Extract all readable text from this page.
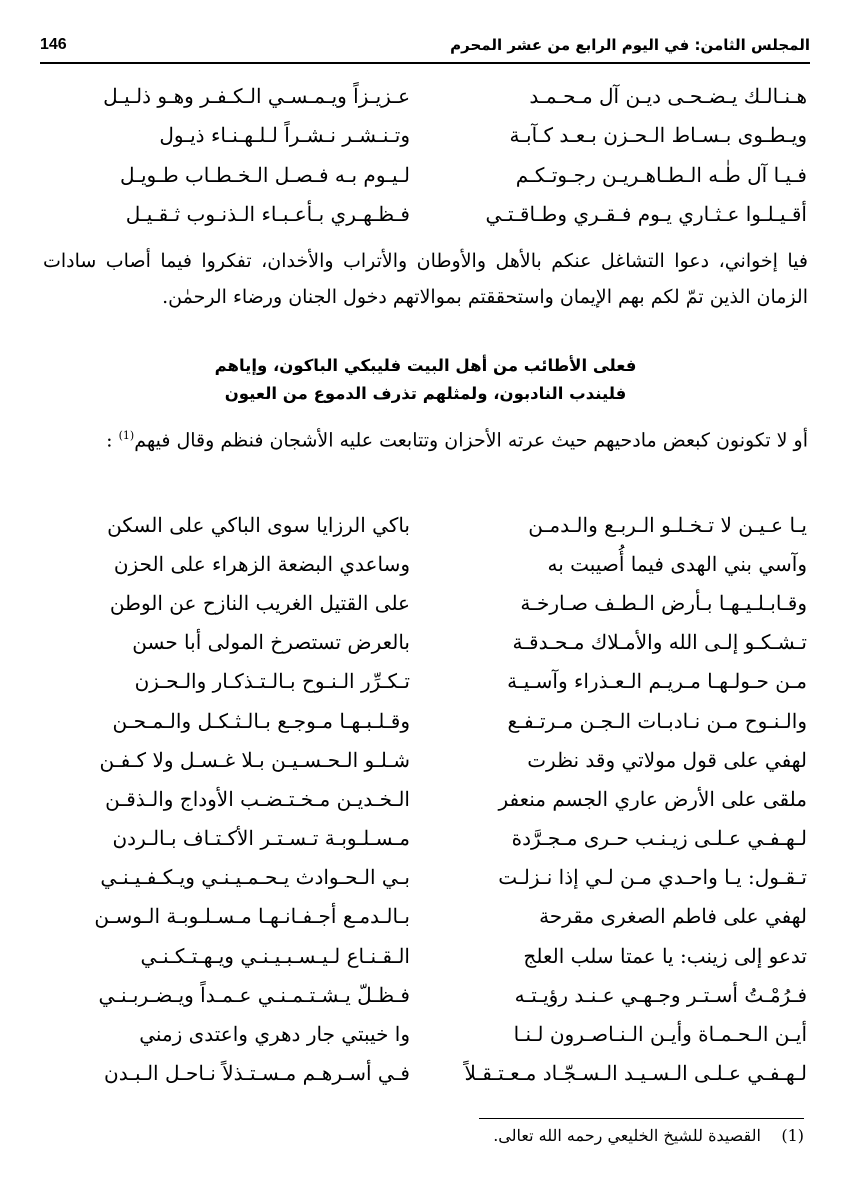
المجلس الثامن: في اليوم الرابع من عشر المحرم
146
هـنـالـك يـضـحـى ديـن آل مـحـمـد
عـزيـزاً ويـمـسـي الـكـفـر وهـو ذلـيـل
ويـطـوى بـسـاط الـحـزن بـعـد كـآبـة
وتـنـشـر نـشـراً لـلـهـنـاء ذيـول
فـيـا آل طٰـه الـطـاهـريـن رجـوتـكـم
لـيـوم بـه فـصـل الـخـطـاب طـويـل
أقـيـلـوا عـثـاري يـوم فـقـري وطـاقـتـي
فـظـهـري بـأعـبـاء الـذنـوب ثـقـيـل

فيا إخواني، دعوا التشاغل عنكم بالأهل والأوطان والأتراب والأخدان، تفكروا فيما أصاب سادات الزمان الذين تمّ لكم بهم الإيمان واستحققتم بموالاتهم دخول الجنان ورضاء الرحمٰن.

فعلى الأطائب من أهل البيت فليبكي الباكون، وإياهم
فليندب النادبون، ولمثلهم تذرف الدموع من العيون

أو لا تكونون كبعض مادحيهم حيث عرته الأحزان وتتابعت عليه الأشجان فنظم وقال فيهم$^{(1)}$ :

يـا عـيـن لا تـخـلـو الـربـع والـدمـن
باكي الرزايا سوى الباكي على السكن
وآسي بني الهدى فيما أُصيبت به
وساعدي البضعة الزهراء على الحزن
وقـابـلـيـهـا بـأرض الـطـف صـارخـة
على القتيل الغريب النازح عن الوطن
تـشـكـو إلـى الله والأمـلاك مـحـدقـة
بالعرض تستصرخ المولى أبا حسن
مـن حـولـهـا مـريـم الـعـذراء وآسـيـة
تـكـرِّر الـنـوح بـالـتـذكـار والـحـزن
والـنـوح مـن نـادبـات الـجـن مـرتـفـع
وقـلـبـهـا مـوجـع بـالـثـكـل والـمـحـن
لهفي على قول مولاتي وقد نظرت
شـلـو الـحـسـيـن بـلا غـسـل ولا كـفـن
ملقى على الأرض عاري الجسم منعفر
الـخـديـن مـخـتـضـب الأوداج والـذقـن
لـهـفـي عـلـى زيـنـب حـرى مـجـرَّدة
مـسـلـوبـة تـسـتـر الأكـتـاف بـالـردن
تـقـول: يـا واحـدي مـن لـي إذا نـزلـت
بـي الـحـوادث يـحـمـيـنـي ويـكـفـيـنـي
لهفي على فاطم الصغرى مقرحة
بـالـدمـع أجـفـانـهـا مـسـلـوبـة الـوسـن
تدعو إلى زينب: يا عمتا سلب العلج
الـقـنـاع لـيـسـبـيـنـي ويـهـتـكـنـي
فـرُمْـتُ أسـتـر وجـهـي عـنـد رؤيـتـه
فـظـلّ يـشـتـمـنـي عـمـداً ويـضـربـنـي
أيـن الـحـمـاة وأيـن الـنـاصـرون لـنـا
وا خيبتي جار دهري واعتدى زمني
لـهـفـي عـلـى الـسـيـد الـسـجّـاد مـعـتـقـلاً
فـي أسـرهـم مـسـتـذلاً نـاحـل الـبـدن
(1)    القصيدة للشيخ الخليعي رحمه الله تعالى.
